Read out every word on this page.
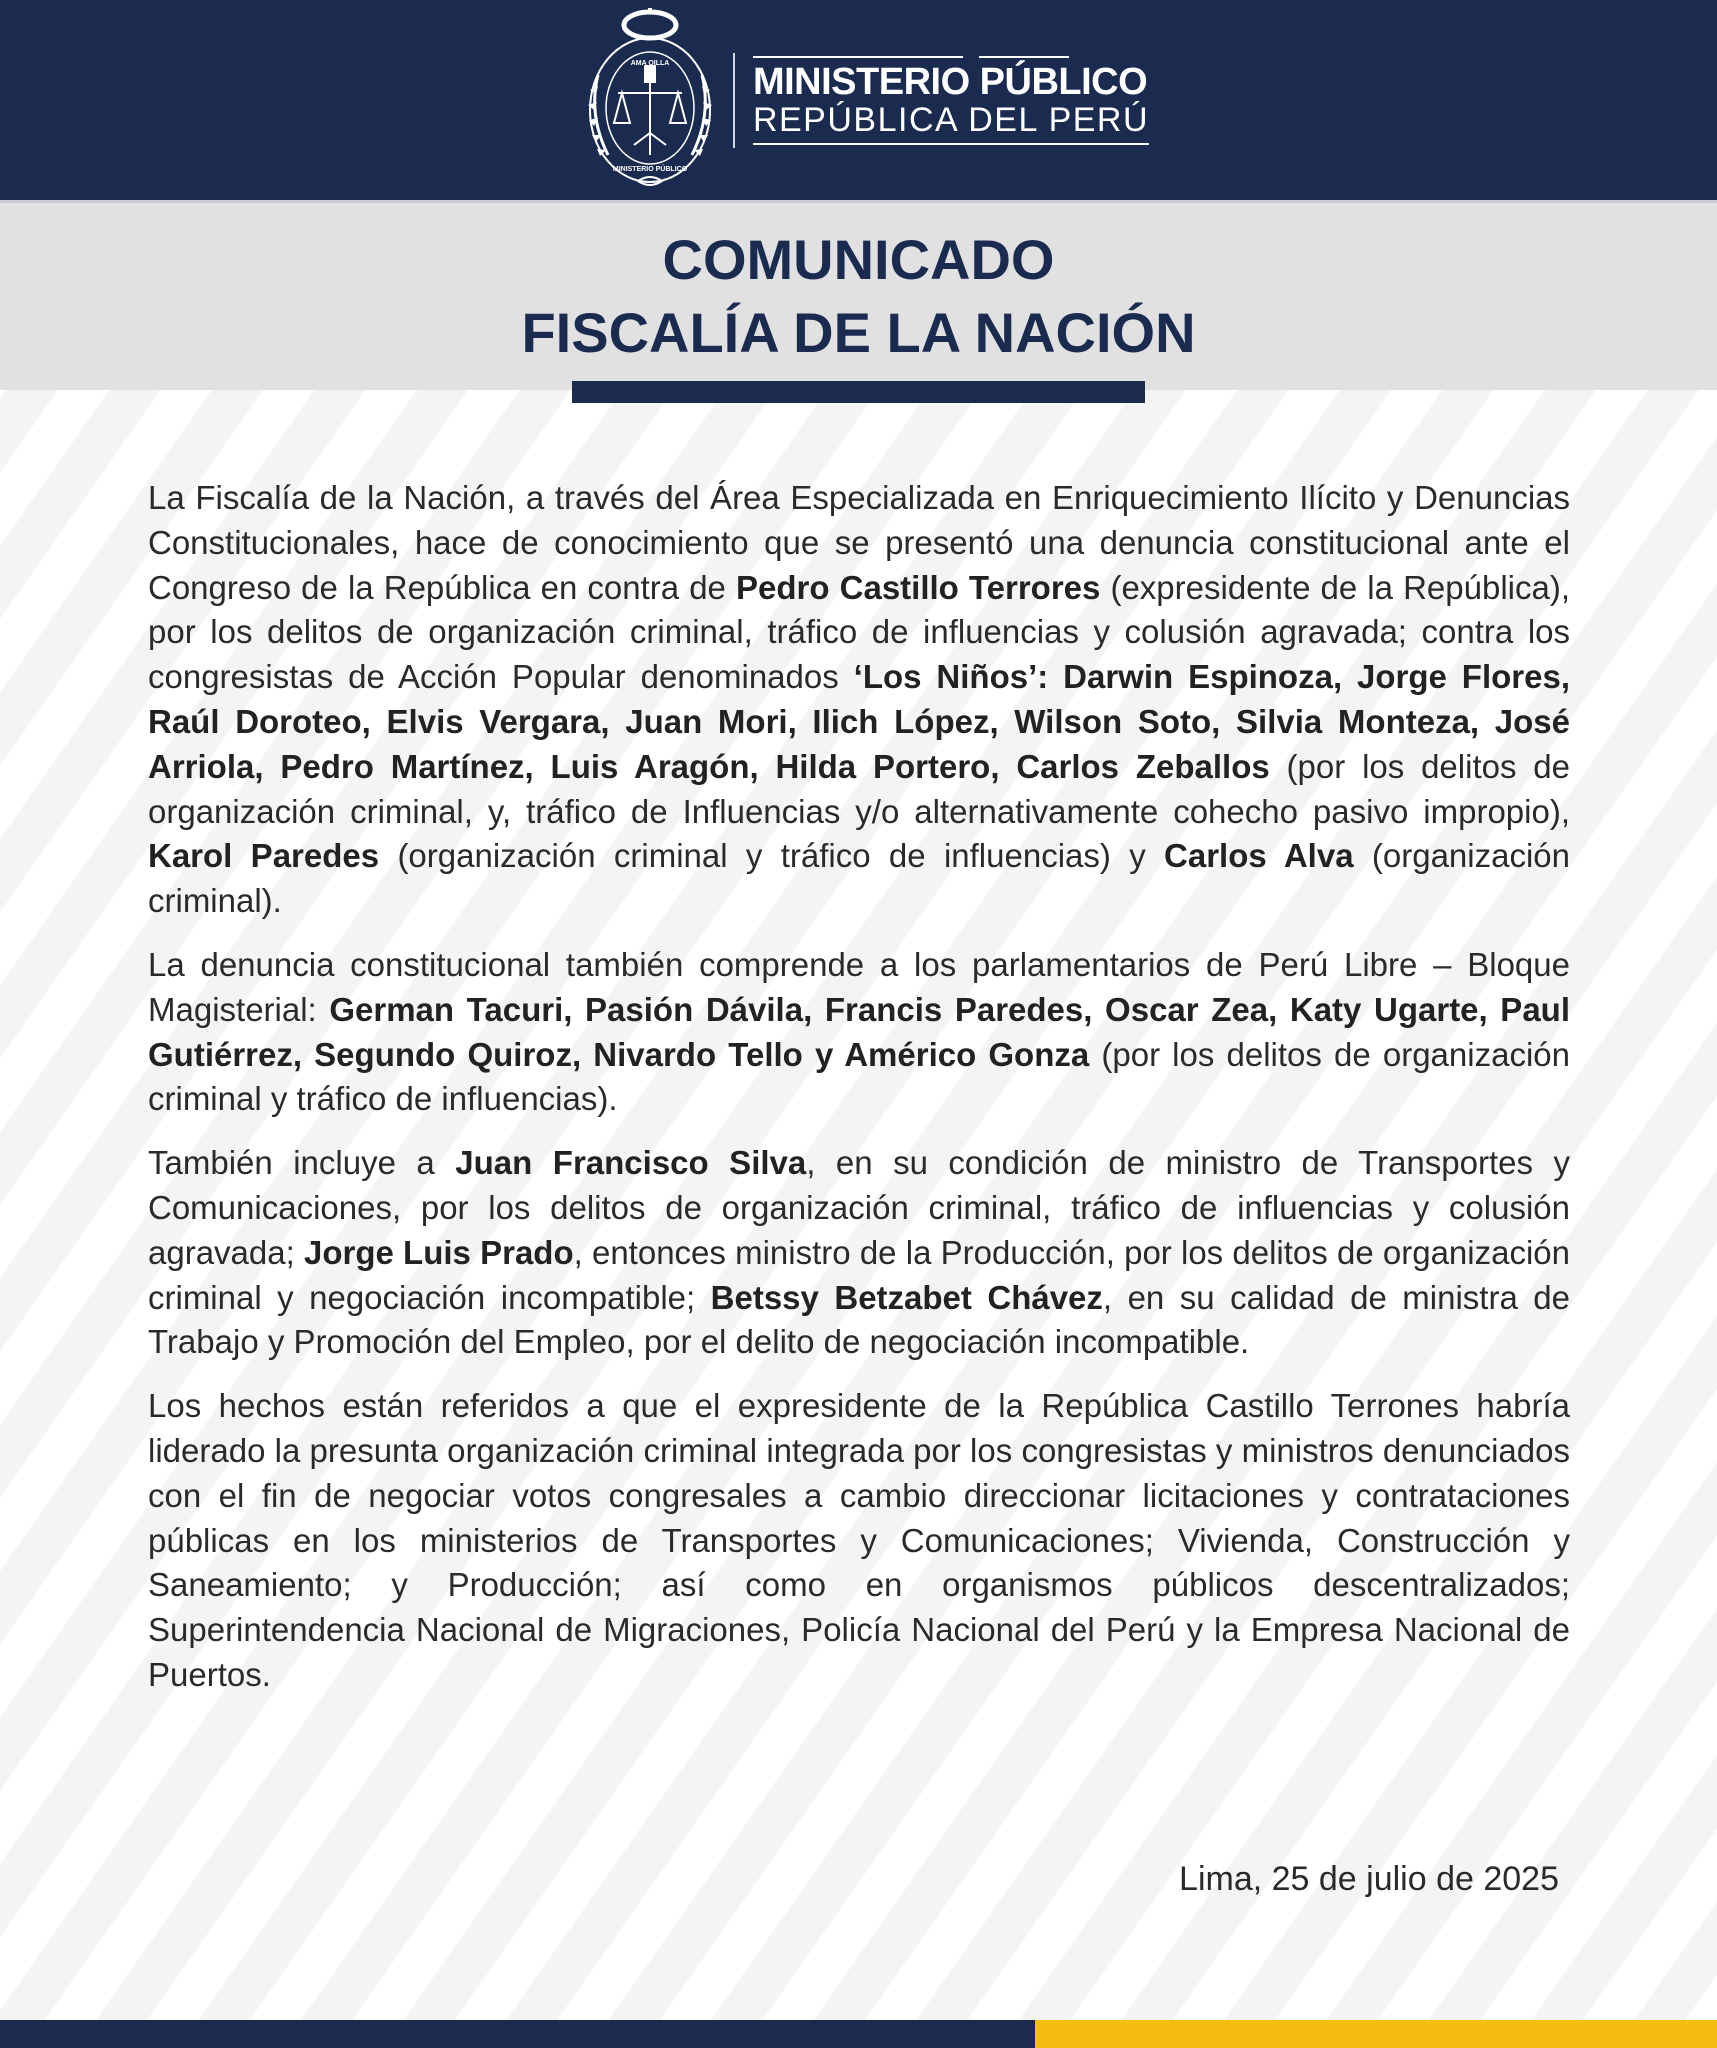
AMA QILLA
MINISTERIO PÚBLICO
MINISTERIO PÚBLICO
REPÚBLICA DEL PERÚ
COMUNICADO
FISCALÍA DE LA NACIÓN

La Fiscalía de la Nación, a través del Área Especializada en Enriquecimiento Ilícito y Denuncias Constitucionales, hace de conocimiento que se presentó una denuncia constitucional ante el Congreso de la República en contra de Pedro Castillo Terrores (expresidente de la República), por los delitos de organización criminal, tráfico de influencias y colusión agravada; contra los congresistas de Acción Popular denominados ‘Los Niños’: Darwin Espinoza, Jorge Flores, Raúl Doroteo, Elvis Vergara, Juan Mori, Ilich López, Wilson Soto, Silvia Monteza, José Arriola, Pedro Martínez, Luis Aragón, Hilda Portero, Carlos Zeballos (por los delitos de organización criminal, y, tráfico de Influencias y/o alternativamente cohecho pasivo impropio), Karol Paredes (organización criminal y tráfico de influencias) y Carlos Alva (organización criminal).

La denuncia constitucional también comprende a los parlamentarios de Perú Libre – Bloque Magisterial: German Tacuri, Pasión Dávila, Francis Paredes, Oscar Zea, Katy Ugarte, Paul Gutiérrez, Segundo Quiroz, Nivardo Tello y Américo Gonza (por los delitos de organización criminal y tráfico de influencias).

También incluye a Juan Francisco Silva, en su condición de ministro de Transportes y Comunicaciones, por los delitos de organización criminal, tráfico de influencias y colusión agravada; Jorge Luis Prado, entonces ministro de la Producción, por los delitos de organización criminal y negociación incompatible; Betssy Betzabet Chávez, en su calidad de ministra de Trabajo y Promoción del Empleo, por el delito de negociación incompatible.

Los hechos están referidos a que el expresidente de la República Castillo Terrones habría liderado la presunta organización criminal integrada por los congresistas y ministros denunciados con el fin de negociar votos congresales a cambio direccionar licitaciones y contrataciones públicas en los ministerios de Transportes y Comunicaciones; Vivienda, Construcción y Saneamiento; y Producción; así como en organismos públicos descentralizados; Superintendencia Nacional de Migraciones, Policía Nacional del Perú y la Empresa Nacional de Puertos.

Lima, 25 de julio de 2025
